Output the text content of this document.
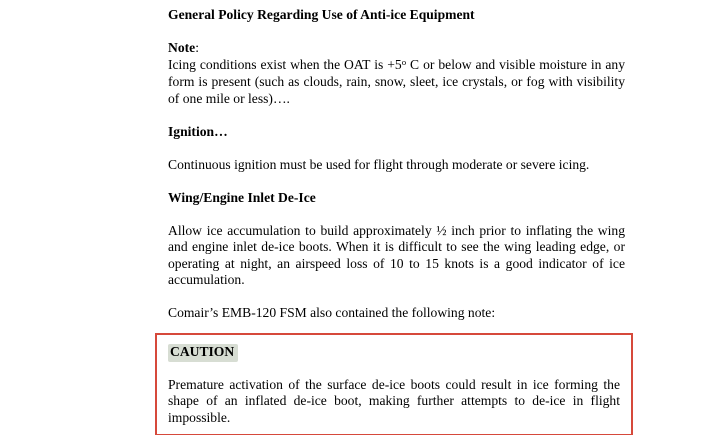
General Policy Regarding Use of Anti-ice Equipment

Note:

Icing conditions exist when the OAT is $+5^o$ C or below and visible moisture in any form is present (such as clouds, rain, snow, sleet, ice crystals, or fog with visibility of one mile or less)….

Ignition…

Continuous ignition must be used for flight through moderate or severe icing.

Wing/Engine Inlet De-Ice

Allow ice accumulation to build approximately ½ inch prior to inflating the wing and engine inlet de-ice boots. When it is difficult to see the wing leading edge, or operating at night, an airspeed loss of 10 to 15 knots is a good indicator of ice accumulation.

Comair’s EMB-120 FSM also contained the following note:

CAUTION

Premature activation of the surface de-ice boots could result in ice forming the shape of an inflated de-ice boot, making further attempts to de-ice in flight impossible.
